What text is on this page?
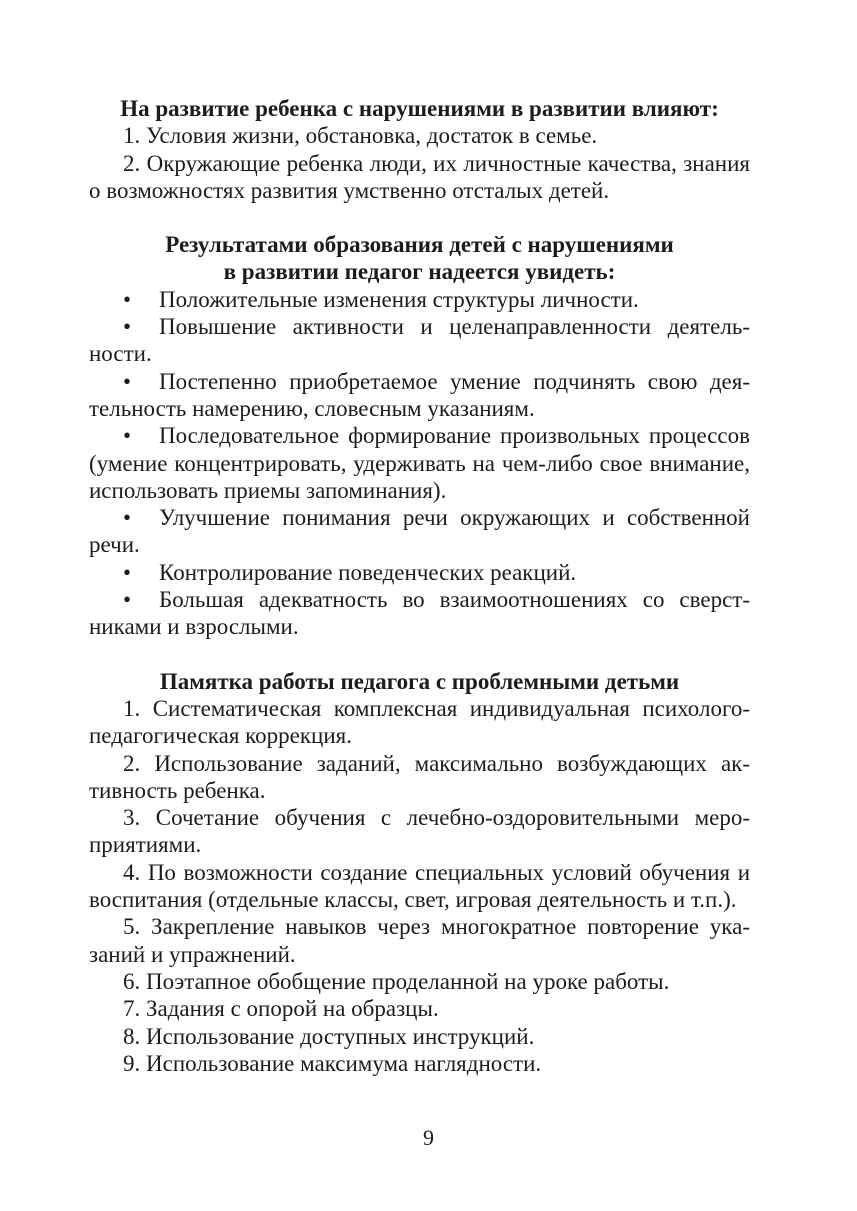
На развитие ребенка с нарушениями в развитии влияют:

1. Условия жизни, обстановка, достаток в семье.

2. Окружающие ребенка люди, их личностные качества, знания о возможностях развития умственно отсталых детей.

Результатами образования детей с нарушениями
в развитии педагог надеется увидеть:

• Положительные изменения структуры личности.

• Повышение активности и целенаправленности деятельности.

• Постепенно приобретаемое умение подчинять свою деятельность намерению, словесным указаниям.

• Последовательное формирование произвольных процессов (умение концентрировать, удерживать на чем-либо свое внимание, использовать приемы запоминания).

• Улучшение понимания речи окружающих и собственной речи.

• Контролирование поведенческих реакций.

• Большая адекватность во взаимоотношениях со сверстниками и взрослыми.

Памятка работы педагога с проблемными детьми

1. Систематическая комплексная индивидуальная психолого-педагогическая коррекция.

2. Использование заданий, максимально возбуждающих активность ребенка.

3. Сочетание обучения с лечебно-оздоровительными мероприятиями.

4. По возможности создание специальных условий обучения и воспитания (отдельные классы, свет, игровая деятельность и т.п.).

5. Закрепление навыков через многократное повторение указаний и упражнений.

6. Поэтапное обобщение проделанной на уроке работы.

7. Задания с опорой на образцы.

8. Использование доступных инструкций.

9. Использование максимума наглядности.

9
